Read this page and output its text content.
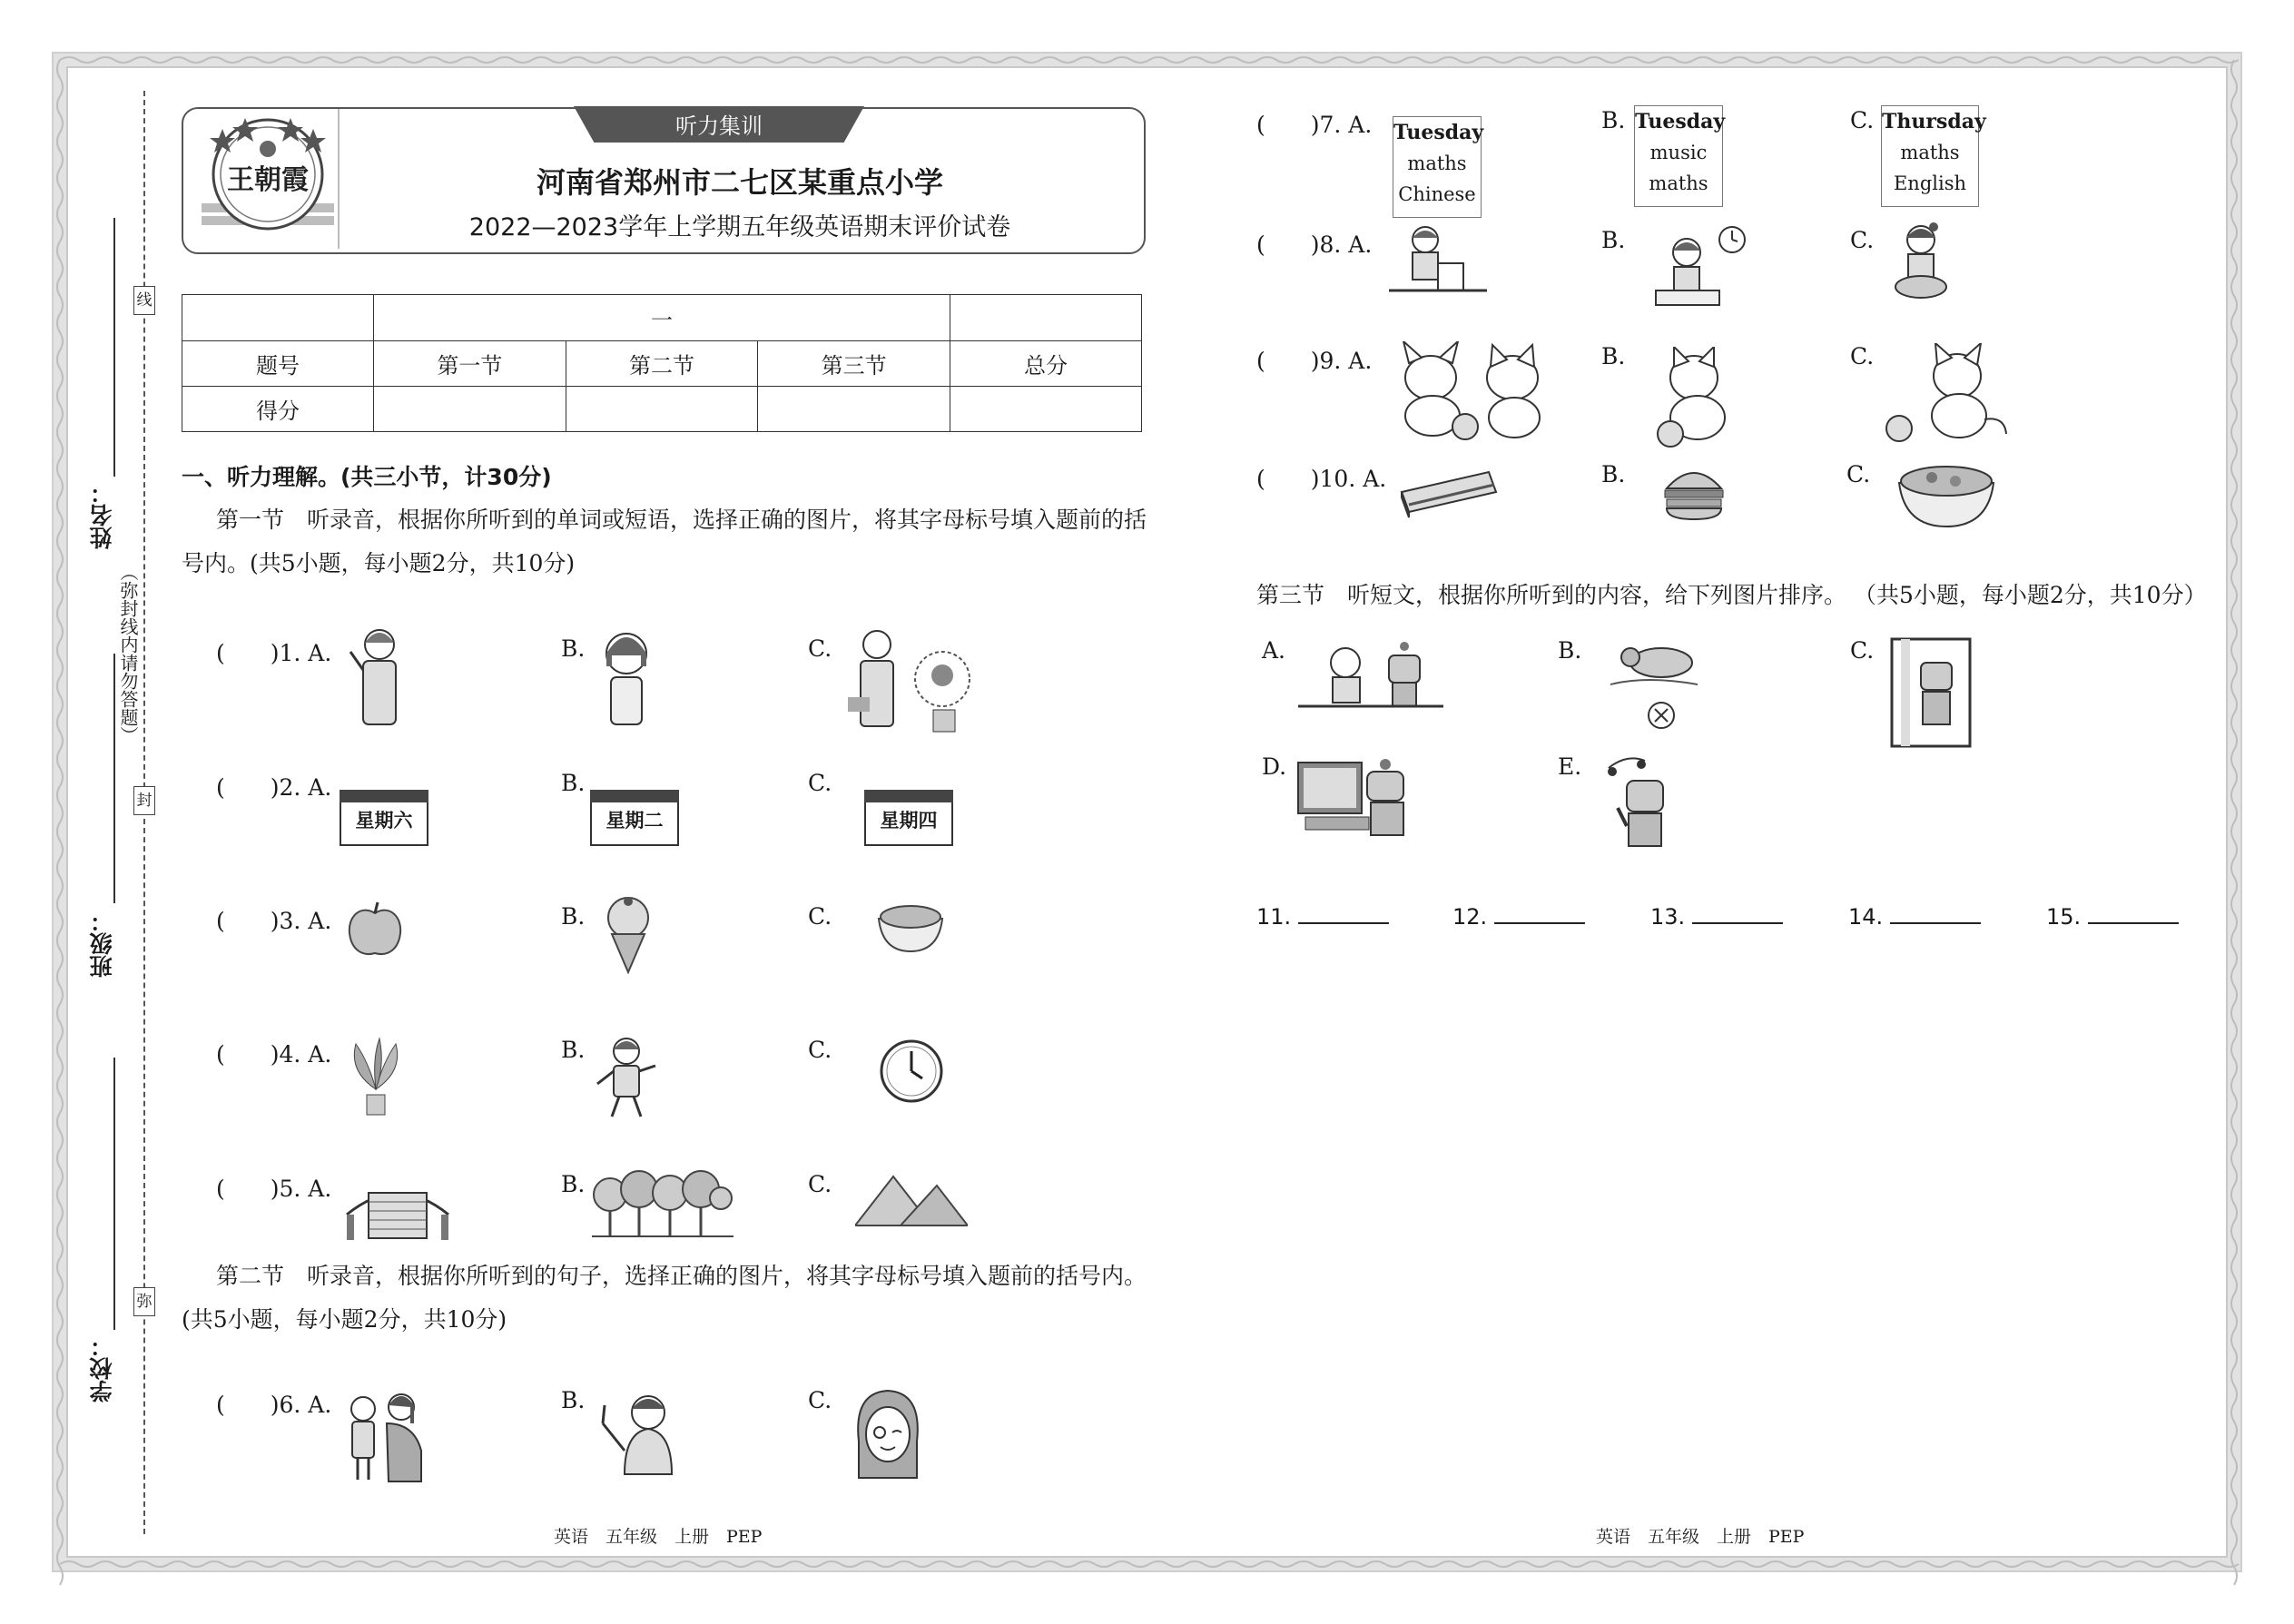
线
封
弥
（弥封线内请勿答题）
姓名：
班级：
学校：
王朝霞
听力集训
河南省郑州市二七区某重点小学
2022—2023学年上学期五年级英语期末评价试卷
	一			
题号	第一节	第二节	第三节	总分
得分				
一、听力理解。(共三小节，计30分)
第一节　听录音，根据你所听到的单词或短语，选择正确的图片，将其字母标号填入题前的括
号内。(共5小题，每小题2分，共10分)
(　　)1. A.	B.	C.
(　　)2. A.
星期六
B.
星期二
C.
星期四
(　　)3. A.	B.	C.
(　　)4. A.	B.	C.
(　　)5. A.	B.	C.
第二节　听录音，根据你所听到的句子，选择正确的图片，将其字母标号填入题前的括号内。
(共5小题，每小题2分，共10分)
(　　)6. A.	B.	C.
(　　)7. A. Tuesday
maths
Chinese
B. Tuesday
music
maths
C. Thursday
maths
English
(　　)8. A.	B.	C.
(　　)9. A.	B.	C.
(　　)10. A.	B.	C.
第三节　听短文，根据你所听到的内容，给下列图片排序。 （共5小题，每小题2分，共10分）
A.	B.	C.
D.	E.
11.	12.	13.	14.	15.
英语　五年级　上册　PEP	英语　五年级　上册　PEP
